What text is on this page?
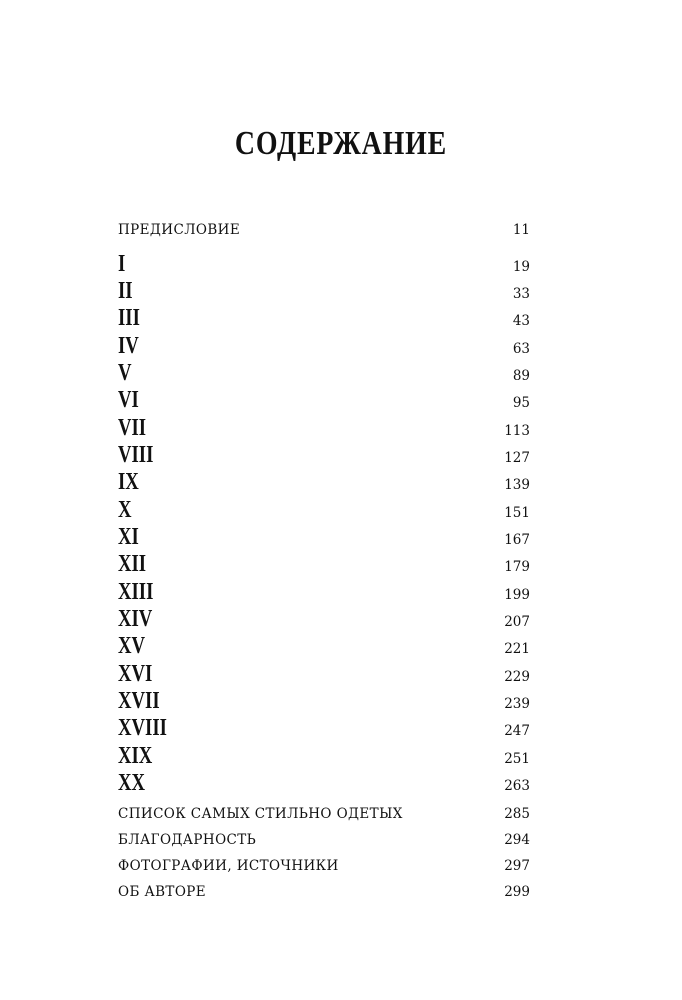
СОДЕРЖАНИЕ
ПРЕДИСЛОВИЕ	11
I	19
II	33
III	43
IV	63
V	89
VI	95
VII	113
VIII	127
IX	139
X	151
XI	167
XII	179
XIII	199
XIV	207
XV	221
XVI	229
XVII	239
XVIII	247
XIX	251
XX	263
СПИСОК САМЫХ СТИЛЬНО ОДЕТЫХ	285
БЛАГОДАРНОСТЬ	294
ФОТОГРАФИИ, ИСТОЧНИКИ	297
ОБ АВТОРЕ	299
